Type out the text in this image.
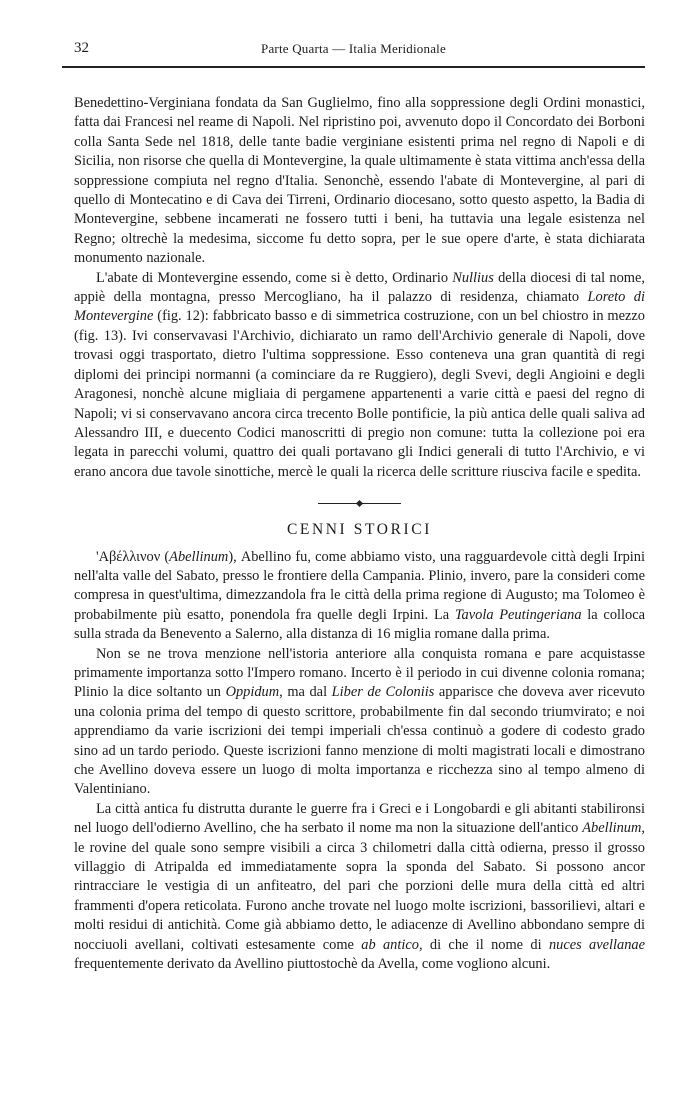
32	Parte Quarta — Italia Meridionale

Benedettino-Verginiana fondata da San Guglielmo, fino alla soppressione degli Ordini monastici, fatta dai Francesi nel reame di Napoli. Nel ripristino poi, avvenuto dopo il Concordato dei Borboni colla Santa Sede nel 1818, delle tante badie verginiane esistenti prima nel regno di Napoli e di Sicilia, non risorse che quella di Montevergine, la quale ultimamente è stata vittima anch'essa della soppressione compiuta nel regno d'Italia. Senonchè, essendo l'abate di Montevergine, al pari di quello di Montecatino e di Cava dei Tirreni, Ordinario diocesano, sotto questo aspetto, la Badia di Montevergine, sebbene incamerati ne fossero tutti i beni, ha tuttavia una legale esistenza nel Regno; oltrechè la medesima, siccome fu detto sopra, per le sue opere d'arte, è stata dichiarata monumento nazionale.

L'abate di Montevergine essendo, come si è detto, Ordinario Nullius della diocesi di tal nome, appiè della montagna, presso Mercogliano, ha il palazzo di residenza, chiamato Loreto di Montevergine (fig. 12): fabbricato basso e di simmetrica costruzione, con un bel chiostro in mezzo (fig. 13). Ivi conservavasi l'Archivio, dichiarato un ramo dell'Archivio generale di Napoli, dove trovasi oggi trasportato, dietro l'ultima soppressione. Esso conteneva una gran quantità di regi diplomi dei principi normanni (a cominciare da re Ruggiero), degli Svevi, degli Angioini e degli Aragonesi, nonchè alcune migliaia di pergamene appartenenti a varie città e paesi del regno di Napoli; vi si conservavano ancora circa trecento Bolle pontificie, la più antica delle quali saliva ad Alessandro III, e duecento Codici manoscritti di pregio non comune: tutta la collezione poi era legata in parecchi volumi, quattro dei quali portavano gli Indici generali di tutto l'Archivio, e vi erano ancora due tavole sinottiche, mercè le quali la ricerca delle scritture riusciva facile e spedita.

CENNI STORICI

'Αβέλλινον (Abellinum), Abellino fu, come abbiamo visto, una ragguardevole città degli Irpini nell'alta valle del Sabato, presso le frontiere della Campania. Plinio, invero, pare la consideri come compresa in quest'ultima, dimezzandola fra le città della prima regione di Augusto; ma Tolomeo è probabilmente più esatto, ponendola fra quelle degli Irpini. La Tavola Peutingeriana la colloca sulla strada da Benevento a Salerno, alla distanza di 16 miglia romane dalla prima.

Non se ne trova menzione nell'istoria anteriore alla conquista romana e pare acquistasse primamente importanza sotto l'Impero romano. Incerto è il periodo in cui divenne colonia romana; Plinio la dice soltanto un Oppidum, ma dal Liber de Coloniis apparisce che doveva aver ricevuto una colonia prima del tempo di questo scrittore, probabilmente fin dal secondo triumvirato; e noi apprendiamo da varie iscrizioni dei tempi imperiali ch'essa continuò a godere di codesto grado sino ad un tardo periodo. Queste iscrizioni fanno menzione di molti magistrati locali e dimostrano che Avellino doveva essere un luogo di molta importanza e ricchezza sino al tempo almeno di Valentiniano.

La città antica fu distrutta durante le guerre fra i Greci e i Longobardi e gli abitanti stabilironsi nel luogo dell'odierno Avellino, che ha serbato il nome ma non la situazione dell'antico Abellinum, le rovine del quale sono sempre visibili a circa 3 chilometri dalla città odierna, presso il grosso villaggio di Atripalda ed immediatamente sopra la sponda del Sabato. Si possono ancor rintracciare le vestigia di un anfiteatro, del pari che porzioni delle mura della città ed altri frammenti d'opera reticolata. Furono anche trovate nel luogo molte iscrizioni, bassorilievi, altari e molti residui di antichità. Come già abbiamo detto, le adiacenze di Avellino abbondano sempre di nocciuoli avellani, coltivati estesamente come ab antico, di che il nome di nuces avellanae frequentemente derivato da Avellino piuttostochè da Avella, come vogliono alcuni.
